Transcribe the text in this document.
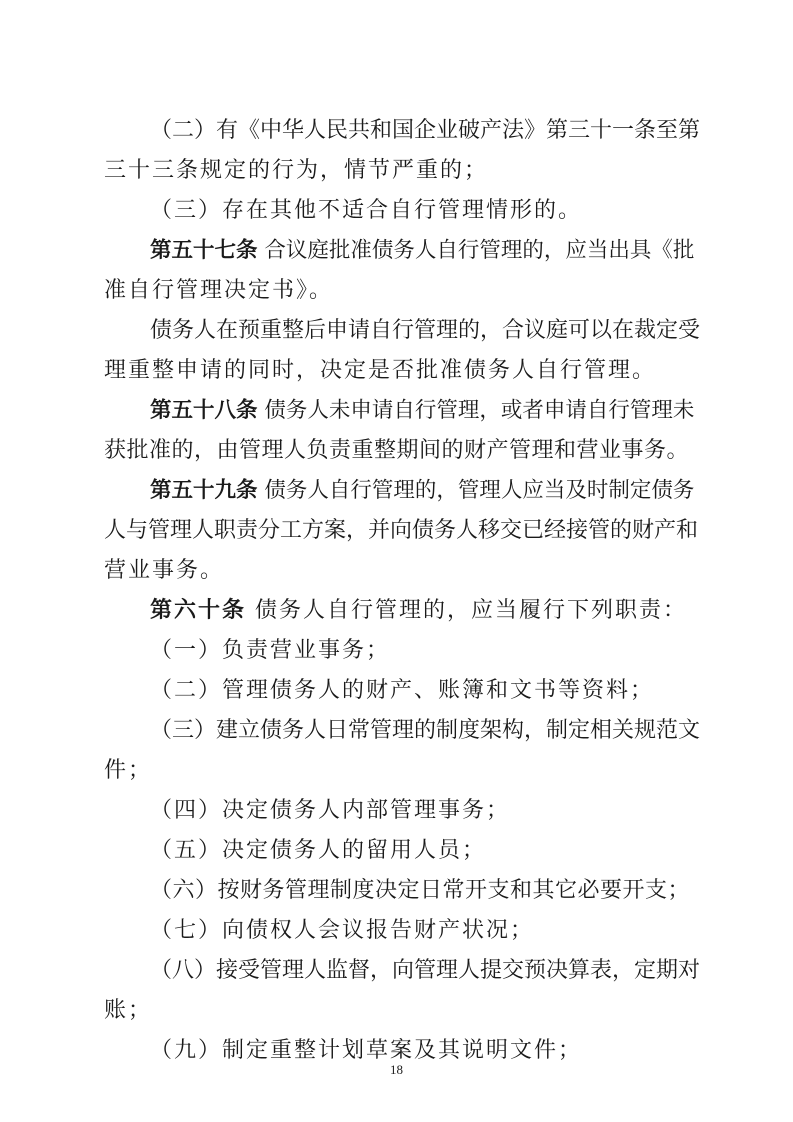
（二）有《中华人民共和国企业破产法》第三十一条至第
三十三条规定的行为，情节严重的；
（三）存在其他不适合自行管理情形的。
第五十七条 合议庭批准债务人自行管理的，应当出具《批
准自行管理决定书》。
债务人在预重整后申请自行管理的，合议庭可以在裁定受
理重整申请的同时，决定是否批准债务人自行管理。
第五十八条 债务人未申请自行管理，或者申请自行管理未
获批准的，由管理人负责重整期间的财产管理和营业事务。
第五十九条 债务人自行管理的，管理人应当及时制定债务
人与管理人职责分工方案，并向债务人移交已经接管的财产和
营业事务。
第六十条 债务人自行管理的，应当履行下列职责：
（一）负责营业事务；
（二）管理债务人的财产、账簿和文书等资料；
（三）建立债务人日常管理的制度架构，制定相关规范文
件；
（四）决定债务人内部管理事务；
（五）决定债务人的留用人员；
（六）按财务管理制度决定日常开支和其它必要开支；
（七）向债权人会议报告财产状况；
（八）接受管理人监督，向管理人提交预决算表，定期对
账；
（九）制定重整计划草案及其说明文件；
18
